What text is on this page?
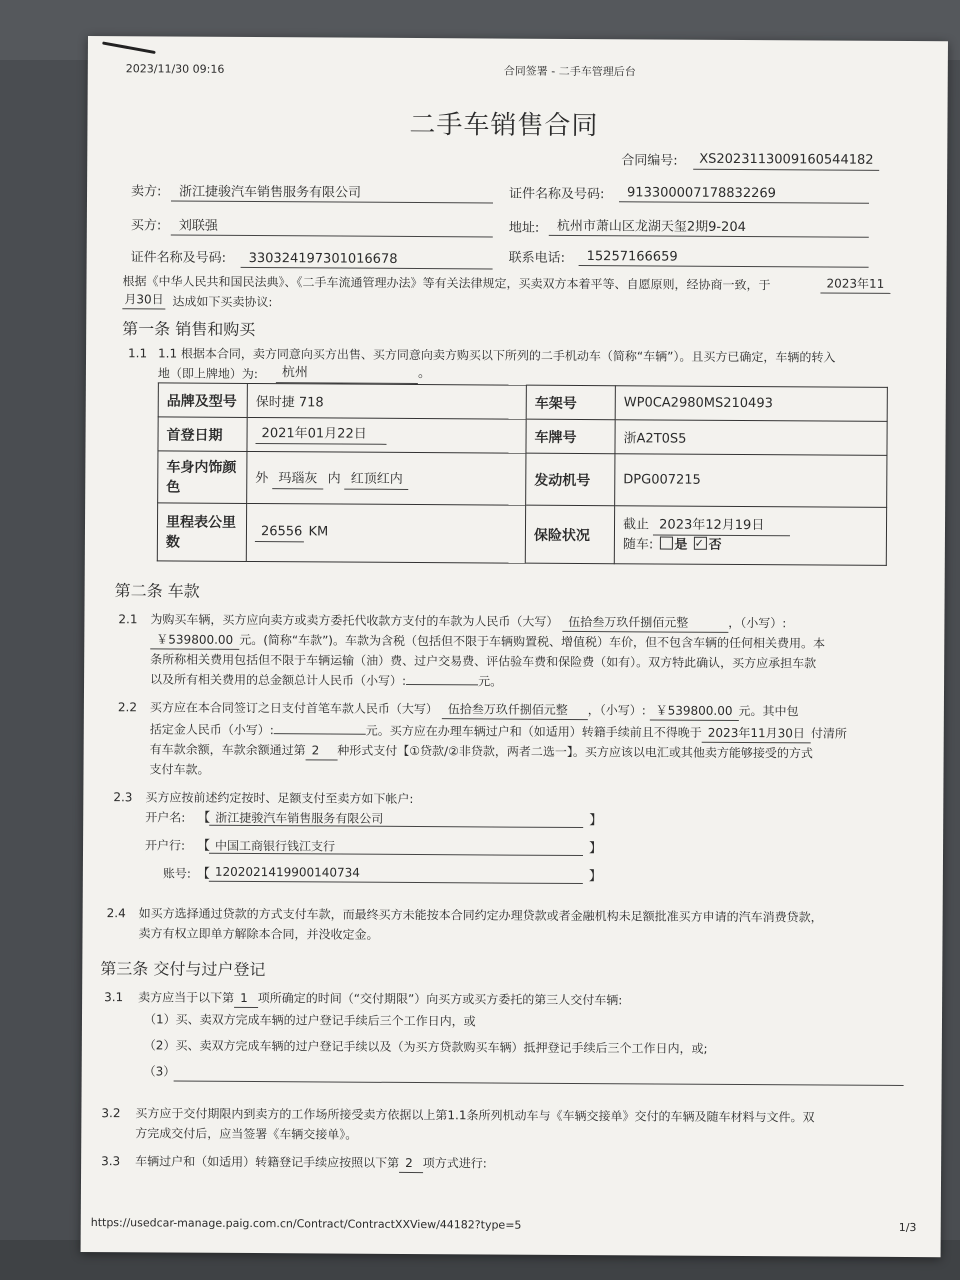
2023/11/30 09:16	合同签署 - 二手车管理后台
二手车销售合同
合同编号:	XS2023113009160544182
卖方: 浙江捷骏汽车销售服务有限公司	证件名称及号码: 913300007178832269
买方: 刘联强	地址: 杭州市萧山区龙湖天玺2期9-204
证件名称及号码: 330324197301016678	联系电话: 15257166659
根据《中华人民共和国民法典》、《二手车流通管理办法》等有关法律规定，买卖双方本着平等、自愿原则，经协商一致，于	2023年11
月30日 达成如下买卖协议:
第一条 销售和购买
1.1 1.1 根据本合同，卖方同意向买方出售、买方同意向卖方购买以下所列的二手机动车（简称“车辆”）。且买方已确定，车辆的转入
地（即上牌地）为:	杭州	。
品牌及型号	保时捷 718	车架号	WP0CA2980MS210493
首登日期	2021年01月22日	车牌号	浙A2T0S5
车身内饰颜色	外 玛瑙灰 内 红顶红内	发动机号	DPG007215
里程表公里数	26556 KM	保险状况	截止 2023年12月19日
随车: 是 ✓ 否
第二条 车款
2.1 为购买车辆，买方应向卖方或卖方委托代收款方支付的车款为人民币（大写） 伍拾叁万玖仟捌佰元整	，（小写）:
￥539800.00 元。(简称“车款”)。车款为含税（包括但不限于车辆购置税、增值税）车价，但不包含车辆的任何相关费用。本
条所称相关费用包括但不限于车辆运输（油）费、过户交易费、评估验车费和保险费（如有）。双方特此确认，买方应承担车款
以及所有相关费用的总金额总计人民币（小写）:	元。
2.2 买方应在本合同签订之日支付首笔车款人民币（大写） 伍拾叁万玖仟捌佰元整 ，（小写）: ￥539800.00 元。其中包
括定金人民币（小写）:	元。买方应在办理车辆过户和（如适用）转籍手续前且不得晚于 2023年11月30日 付清所
有车款余额，车款余额通过第 2 种形式支付【①贷款/②非贷款，两者二选一】。买方应该以电汇或其他卖方能够接受的方式
支付车款。
2.3 买方应按前述约定按时、足额支付至卖方如下帐户:
开户名: 【 浙江捷骏汽车销售服务有限公司	】
开户行: 【 中国工商银行钱江支行	】
账号: 【 1202021419900140734	】
2.4 如买方选择通过贷款的方式支付车款，而最终买方未能按本合同约定办理贷款或者金融机构未足额批准买方申请的汽车消费贷款，
卖方有权立即单方解除本合同，并没收定金。
第三条 交付与过户登记
3.1 卖方应当于以下第 1 项所确定的时间（“交付期限”）向买方或买方委托的第三人交付车辆:
（1）买、卖双方完成车辆的过户登记手续后三个工作日内，或
（2）买、卖双方完成车辆的过户登记手续以及（为买方贷款购买车辆）抵押登记手续后三个工作日内，或;
（3）
3.2 买方应于交付期限内到卖方的工作场所接受卖方依据以上第1.1条所列机动车与《车辆交接单》交付的车辆及随车材料与文件。双
方完成交付后，应当签署《车辆交接单》。
3.3 车辆过户和（如适用）转籍登记手续应按照以下第 2 项方式进行:
https://usedcar-manage.paig.com.cn/Contract/ContractXXView/44182?type=5	1/3
